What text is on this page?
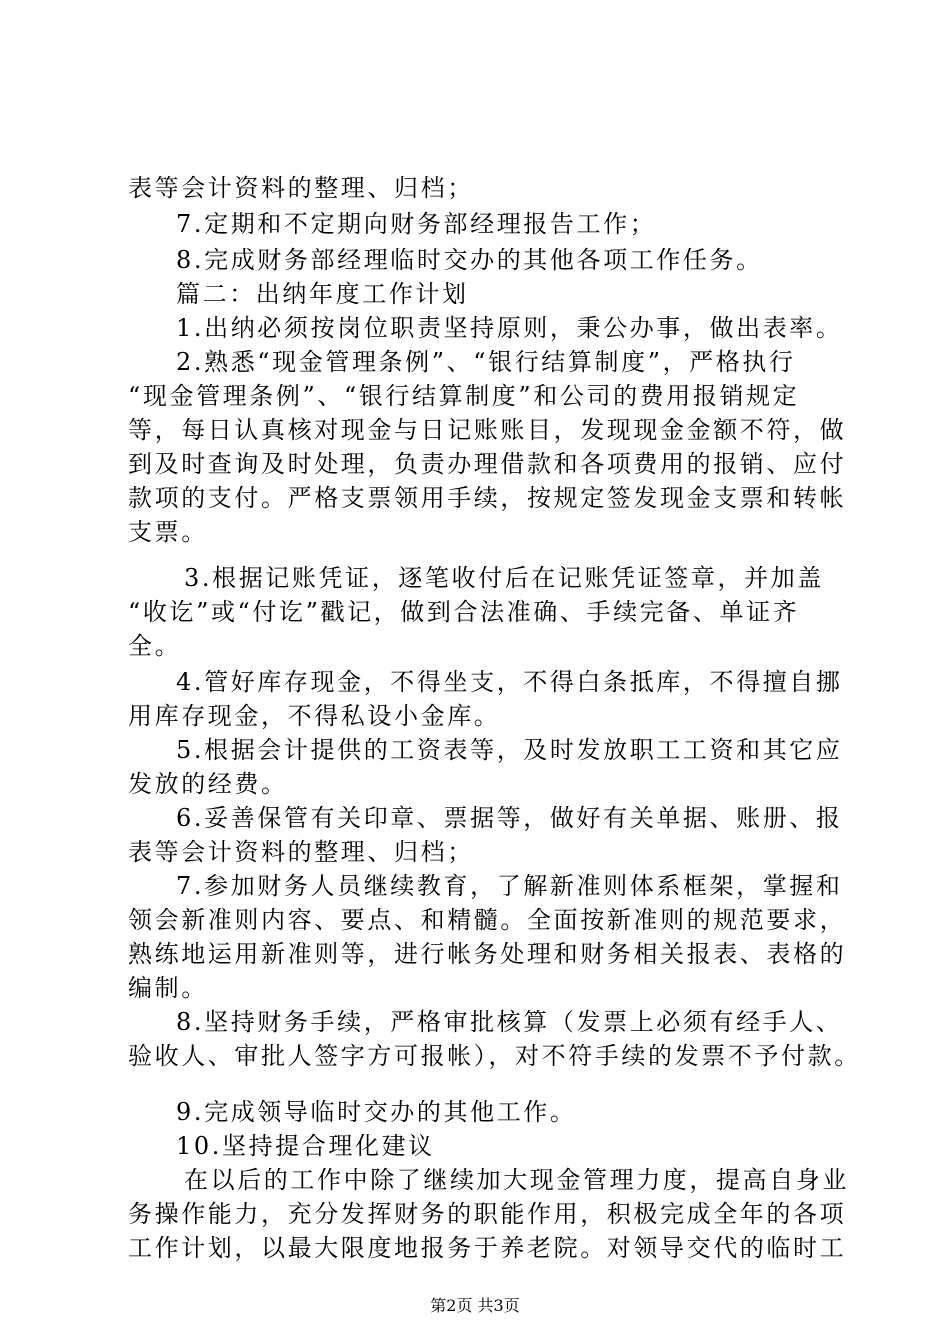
表等会计资料的整理、归档；
7.定期和不定期向财务部经理报告工作；
8.完成财务部经理临时交办的其他各项工作任务。
篇二：出纳年度工作计划
1.出纳必须按岗位职责坚持原则，秉公办事，做出表率。
2.熟悉“现金管理条例”、“银行结算制度”，严格执行
“现金管理条例”、“银行结算制度”和公司的费用报销规定
等，每日认真核对现金与日记账账目，发现现金金额不符，做
到及时查询及时处理，负责办理借款和各项费用的报销、应付
款项的支付。严格支票领用手续，按规定签发现金支票和转帐
支票。
3.根据记账凭证，逐笔收付后在记账凭证签章，并加盖
“收讫”或“付讫”戳记，做到合法准确、手续完备、单证齐
全。
4.管好库存现金，不得坐支，不得白条抵库，不得擅自挪
用库存现金，不得私设小金库。
5.根据会计提供的工资表等，及时发放职工工资和其它应
发放的经费。
6.妥善保管有关印章、票据等，做好有关单据、账册、报
表等会计资料的整理、归档；
7.参加财务人员继续教育，了解新准则体系框架，掌握和
领会新准则内容、要点、和精髓。全面按新准则的规范要求，
熟练地运用新准则等，进行帐务处理和财务相关报表、表格的
编制。
8.坚持财务手续，严格审批核算（发票上必须有经手人、
验收人、审批人签字方可报帐），对不符手续的发票不予付款。
9.完成领导临时交办的其他工作。
10.坚持提合理化建议
在以后的工作中除了继续加大现金管理力度，提高自身业
务操作能力，充分发挥财务的职能作用，积极完成全年的各项
工作计划，以最大限度地报务于养老院。对领导交代的临时工
第2页 共3页
